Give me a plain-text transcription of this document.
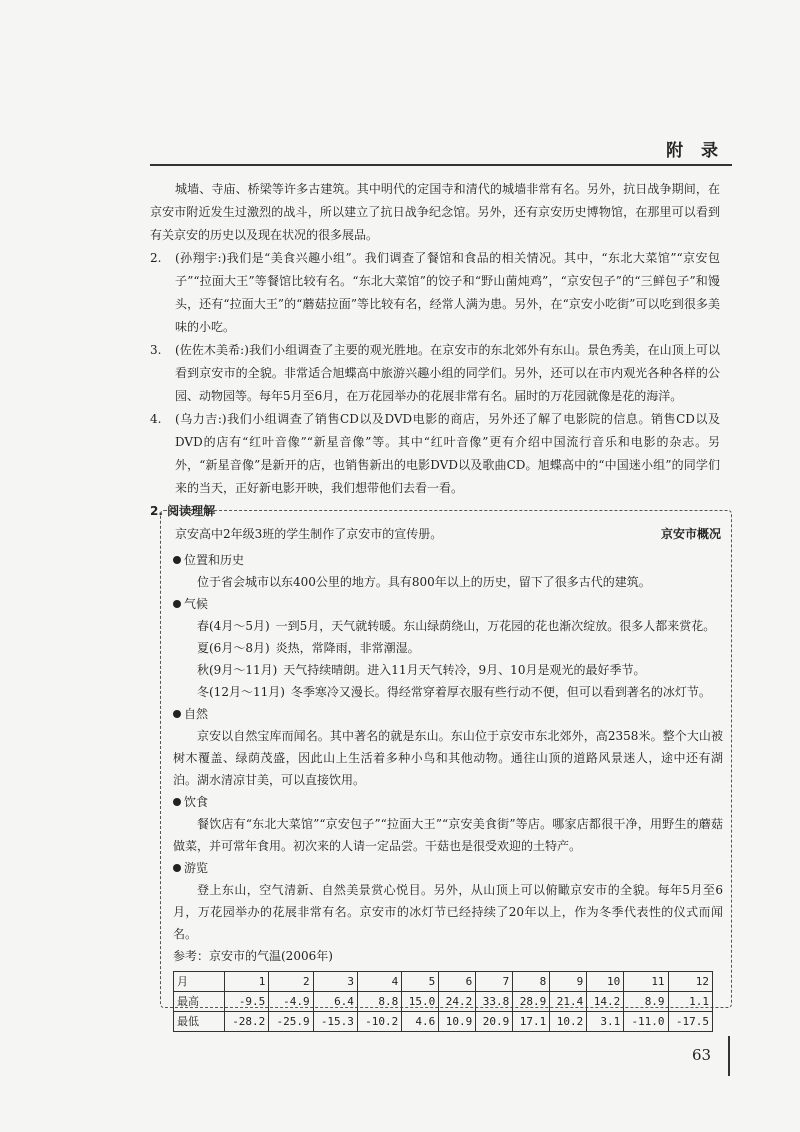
附 录

城墙、寺庙、桥梁等许多古建筑。其中明代的定国寺和清代的城墙非常有名。另外，抗日战争期间，在京安市附近发生过激烈的战斗，所以建立了抗日战争纪念馆。另外，还有京安历史博物馆，在那里可以看到有关京安的历史以及现在状况的很多展品。

2. (孙翔宇:)我们是“美食兴趣小组”。我们调查了餐馆和食品的相关情况。其中，“东北大菜馆”“京安包子”“拉面大王”等餐馆比较有名。“东北大菜馆”的饺子和“野山菌炖鸡”，“京安包子”的“三鲜包子”和馒头，还有“拉面大王”的“蘑菇拉面”等比较有名，经常人满为患。另外，在“京安小吃街”可以吃到很多美味的小吃。
3. (佐佐木美希:)我们小组调查了主要的观光胜地。在京安市的东北郊外有东山。景色秀美，在山顶上可以看到京安市的全貌。非常适合旭蝶高中旅游兴趣小组的同学们。另外，还可以在市内观光各种各样的公园、动物园等。每年5月至6月，在万花园举办的花展非常有名。届时的万花园就像是花的海洋。
4. (乌力吉:)我们小组调查了销售CD以及DVD电影的商店，另外还了解了电影院的信息。销售CD以及DVD的店有“红叶音像”“新星音像”等。其中“红叶音像”更有介绍中国流行音乐和电影的杂志。另外，“新星音像”是新开的店，也销售新出的电影DVD以及歌曲CD。旭蝶高中的“中国迷小组”的同学们来的当天，正好新电影开映，我们想带他们去看一看。

2. 阅读理解

京安高中2年级3班的学生制作了京安市的宣传册。	京安市概况

位置和历史

位于省会城市以东400公里的地方。具有800年以上的历史，留下了很多古代的建筑。

气候

春(4月～5月) 一到5月，天气就转暖。东山绿荫绕山，万花园的花也渐次绽放。很多人都来赏花。
夏(6月～8月) 炎热，常降雨，非常潮湿。
秋(9月～11月) 天气持续晴朗。进入11月天气转冷，9月、10月是观光的最好季节。
冬(12月～11月) 冬季寒冷又漫长。得经常穿着厚衣服有些行动不便，但可以看到著名的冰灯节。

自然

京安以自然宝库而闻名。其中著名的就是东山。东山位于京安市东北郊外，高2358米。整个大山被树木覆盖、绿荫茂盛，因此山上生活着多种小鸟和其他动物。通往山顶的道路风景迷人，途中还有湖泊。湖水清凉甘美，可以直接饮用。

饮食

餐饮店有“东北大菜馆”“京安包子”“拉面大王”“京安美食街”等店。哪家店都很干净，用野生的蘑菇做菜，并可常年食用。初次来的人请一定品尝。干菇也是很受欢迎的土特产。

游览

登上东山，空气清新、自然美景赏心悦目。另外，从山顶上可以俯瞰京安市的全貌。每年5月至6月，万花园举办的花展非常有名。京安市的冰灯节已经持续了20年以上，作为冬季代表性的仪式而闻名。

参考：京安市的气温(2006年)

月	1	2	3	4	5	6	7	8	9	10	11	12
最高	-9.5	-4.9	6.4	8.8	15.0	24.2	33.8	28.9	21.4	14.2	8.9	1.1
最低	-28.2	-25.9	-15.3	-10.2	4.6	10.9	20.9	17.1	10.2	3.1	-11.0	-17.5
63
